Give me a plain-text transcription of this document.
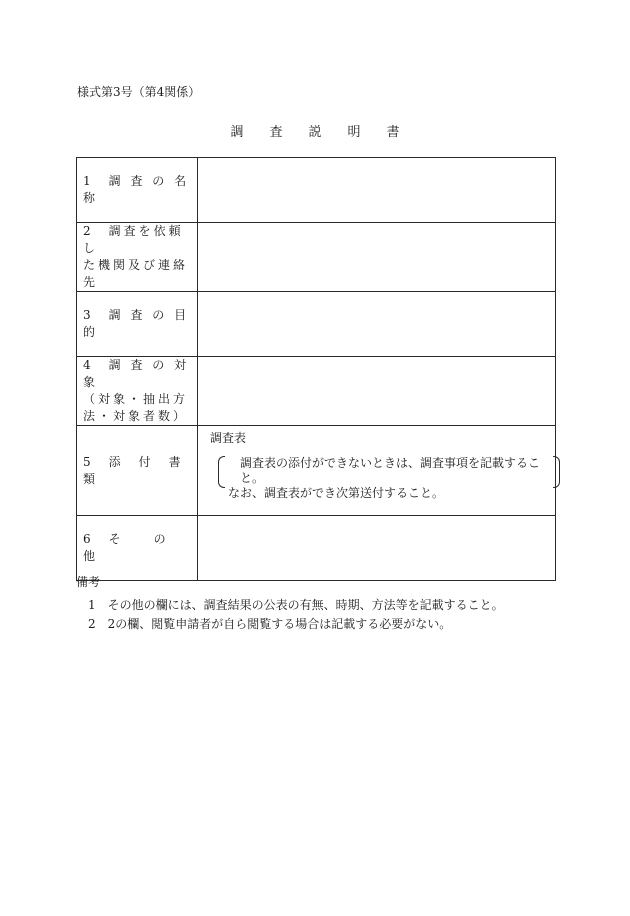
様式第3号（第4関係）
調査説明書
1　調 査 の 名 称	

2　調査を依頼し
た機関及び連絡
先	

3　調 査 の 目 的	

4　調 査 の 対 象
（対象・抽出方
法・対象者数）	

5　添　付　書　類	調査表
調査表の添付ができないときは、調査事項を記載すること。
なお、調査表ができ次第送付すること。

6　そ　　の　　他	

備考
1　その他の欄には、調査結果の公表の有無、時期、方法等を記載すること。
2　2の欄、閲覧申請者が自ら閲覧する場合は記載する必要がない。
